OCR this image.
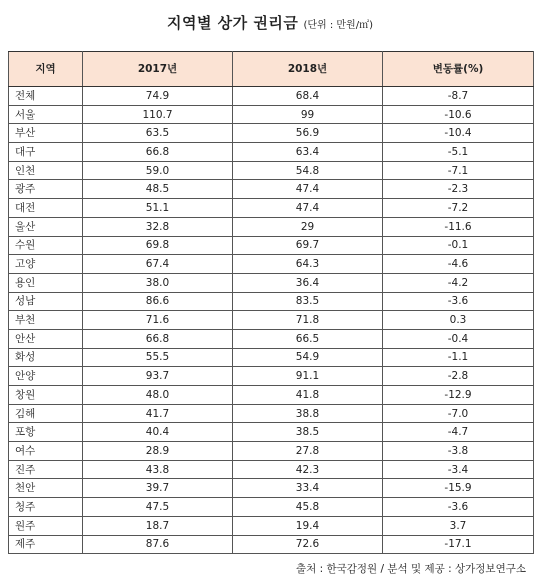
지역별 상가 권리금 (단위 : 만원/㎡)
지역	2017년	2018년	변동률(%)
전체	74.9	68.4	-8.7
서울	110.7	99	-10.6
부산	63.5	56.9	-10.4
대구	66.8	63.4	-5.1
인천	59.0	54.8	-7.1
광주	48.5	47.4	-2.3
대전	51.1	47.4	-7.2
울산	32.8	29	-11.6
수원	69.8	69.7	-0.1
고양	67.4	64.3	-4.6
용인	38.0	36.4	-4.2
성남	86.6	83.5	-3.6
부천	71.6	71.8	0.3
안산	66.8	66.5	-0.4
화성	55.5	54.9	-1.1
안양	93.7	91.1	-2.8
창원	48.0	41.8	-12.9
김해	41.7	38.8	-7.0
포항	40.4	38.5	-4.7
여수	28.9	27.8	-3.8
진주	43.8	42.3	-3.4
천안	39.7	33.4	-15.9
청주	47.5	45.8	-3.6
원주	18.7	19.4	3.7
제주	87.6	72.6	-17.1
출처 : 한국감정원 / 분석 및 제공 : 상가정보연구소
